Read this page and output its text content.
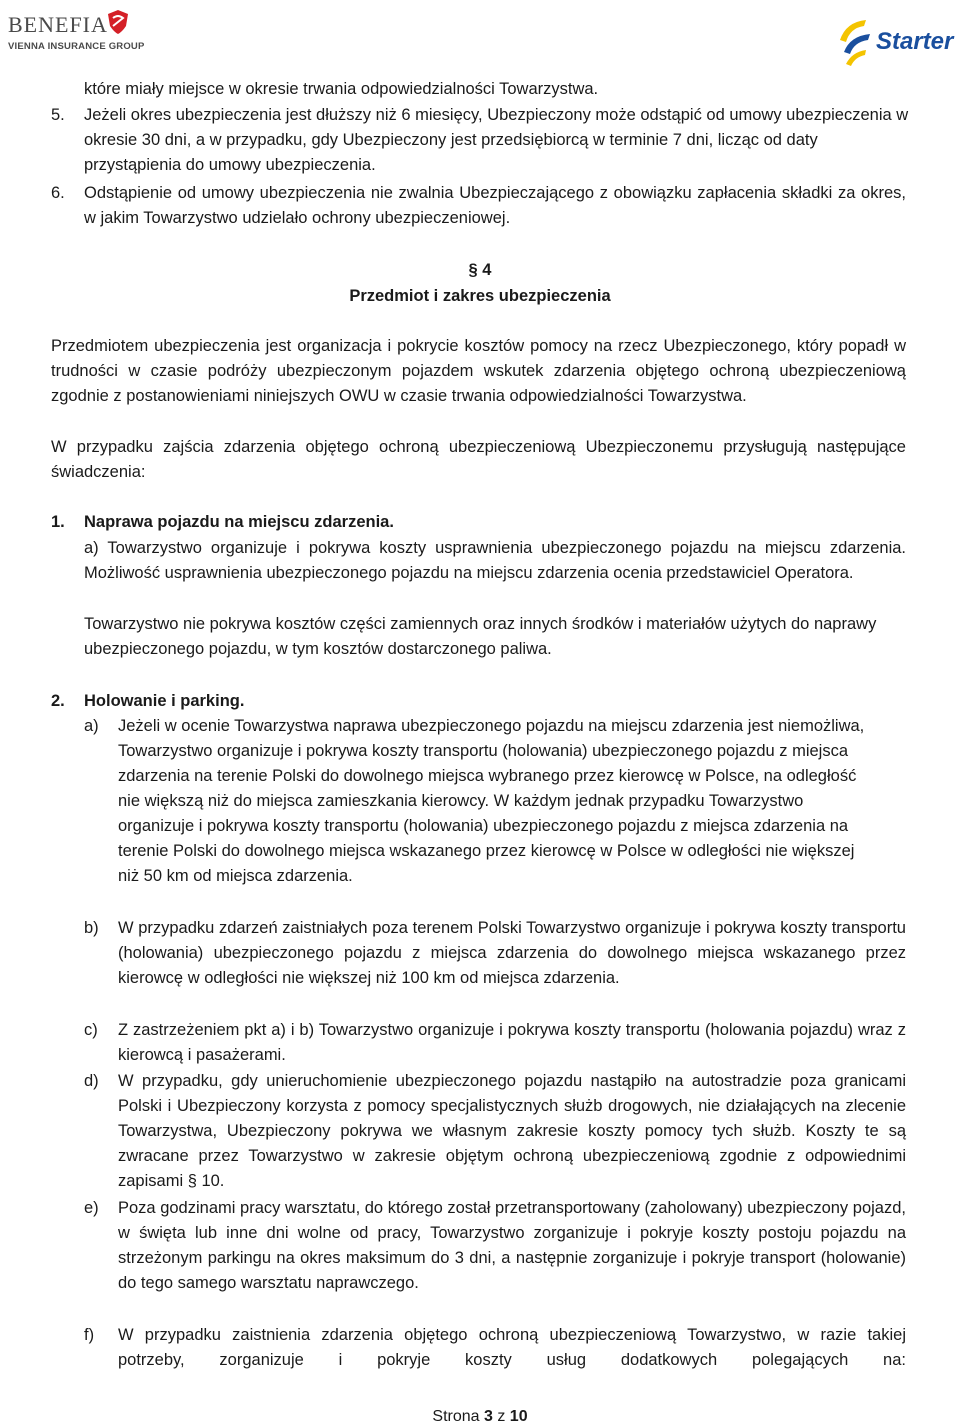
BENEFIA
VIENNA INSURANCE GROUP	Starter

które miały miejsce w okresie trwania odpowiedzialności Towarzystwa.

5. Jeżeli okres ubezpieczenia jest dłuższy niż 6 miesięcy, Ubezpieczony może odstąpić od umowy ubezpieczenia w okresie 30 dni, a w przypadku, gdy Ubezpieczony jest przedsiębiorcą w terminie 7 dni, licząc od daty przystąpienia do umowy ubezpieczenia.

6. Odstąpienie od umowy ubezpieczenia nie zwalnia Ubezpieczającego z obowiązku zapłacenia składki za okres, w jakim Towarzystwo udzielało ochrony ubezpieczeniowej.

§ 4

Przedmiot i zakres ubezpieczenia

Przedmiotem ubezpieczenia jest organizacja i pokrycie kosztów pomocy na rzecz Ubezpieczonego, który popadł w trudności w czasie podróży ubezpieczonym pojazdem wskutek zdarzenia objętego ochroną ubezpieczeniową zgodnie z postanowieniami niniejszych OWU w czasie trwania odpowiedzialności Towarzystwa.

W przypadku zajścia zdarzenia objętego ochroną ubezpieczeniową Ubezpieczonemu przysługują następujące świadczenia:

1. Naprawa pojazdu na miejscu zdarzenia.

a) Towarzystwo organizuje i pokrywa koszty usprawnienia ubezpieczonego pojazdu na miejscu zdarzenia. Możliwość usprawnienia ubezpieczonego pojazdu na miejscu zdarzenia ocenia przedstawiciel Operatora.

Towarzystwo nie pokrywa kosztów części zamiennych oraz innych środków i materiałów użytych do naprawy ubezpieczonego pojazdu, w tym kosztów dostarczonego paliwa.

2. Holowanie i parking.

a) Jeżeli w ocenie Towarzystwa naprawa ubezpieczonego pojazdu na miejscu zdarzenia jest niemożliwa, Towarzystwo organizuje i pokrywa koszty transportu (holowania) ubezpieczonego pojazdu z miejsca zdarzenia na terenie Polski do dowolnego miejsca wybranego przez kierowcę w Polsce, na odległość nie większą niż do miejsca zamieszkania kierowcy. W każdym jednak przypadku Towarzystwo organizuje i pokrywa koszty transportu (holowania) ubezpieczonego pojazdu z miejsca zdarzenia na terenie Polski do dowolnego miejsca wskazanego przez kierowcę w Polsce w odległości nie większej niż 50 km od miejsca zdarzenia.

b) W przypadku zdarzeń zaistniałych poza terenem Polski Towarzystwo organizuje i pokrywa koszty transportu (holowania) ubezpieczonego pojazdu z miejsca zdarzenia do dowolnego miejsca wskazanego przez kierowcę w odległości nie większej niż 100 km od miejsca zdarzenia.

c) Z zastrzeżeniem pkt a) i b) Towarzystwo organizuje i pokrywa koszty transportu (holowania pojazdu) wraz z kierowcą i pasażerami.

d) W przypadku, gdy unieruchomienie ubezpieczonego pojazdu nastąpiło na autostradzie poza granicami Polski i Ubezpieczony korzysta z pomocy specjalistycznych służb drogowych, nie działających na zlecenie Towarzystwa, Ubezpieczony pokrywa we własnym zakresie koszty pomocy tych służb. Koszty te są zwracane przez Towarzystwo w zakresie objętym ochroną ubezpieczeniową zgodnie z odpowiednimi zapisami § 10.

e) Poza godzinami pracy warsztatu, do którego został przetransportowany (zaholowany) ubezpieczony pojazd, w święta lub inne dni wolne od pracy, Towarzystwo zorganizuje i pokryje koszty postoju pojazdu na strzeżonym parkingu na okres maksimum do 3 dni, a następnie zorganizuje i pokryje transport (holowanie) do tego samego warsztatu naprawczego.

f) W przypadku zaistnienia zdarzenia objętego ochroną ubezpieczeniową Towarzystwo, w razie takiej potrzeby, zorganizuje i pokryje koszty usług dodatkowych polegających na:

Strona 3 z 10
